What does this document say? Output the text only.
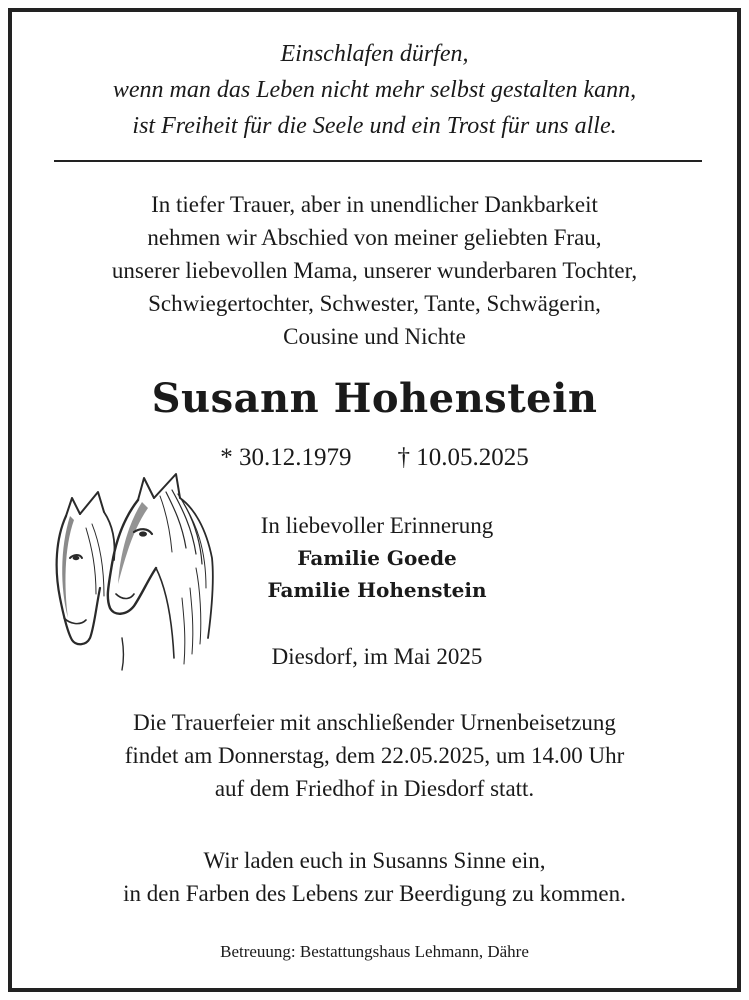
Einschlafen dürfen,
wenn man das Leben nicht mehr selbst gestalten kann,
ist Freiheit für die Seele und ein Trost für uns alle.
In tiefer Trauer, aber in unendlicher Dankbarkeit
nehmen wir Abschied von meiner geliebten Frau,
unserer liebevollen Mama, unserer wunderbaren Tochter,
Schwiegertochter, Schwester, Tante, Schwägerin,
Cousine und Nichte
Susann Hohenstein
* 30.12.1979 † 10.05.2025
In liebevoller Erinnerung
Familie Goede
Familie Hohenstein
Diesdorf, im Mai 2025
Die Trauerfeier mit anschließender Urnenbeisetzung
findet am Donnerstag, dem 22.05.2025, um 14.00 Uhr
auf dem Friedhof in Diesdorf statt.
Wir laden euch in Susanns Sinne ein,
in den Farben des Lebens zur Beerdigung zu kommen.
Betreuung: Bestattungshaus Lehmann, Dähre
